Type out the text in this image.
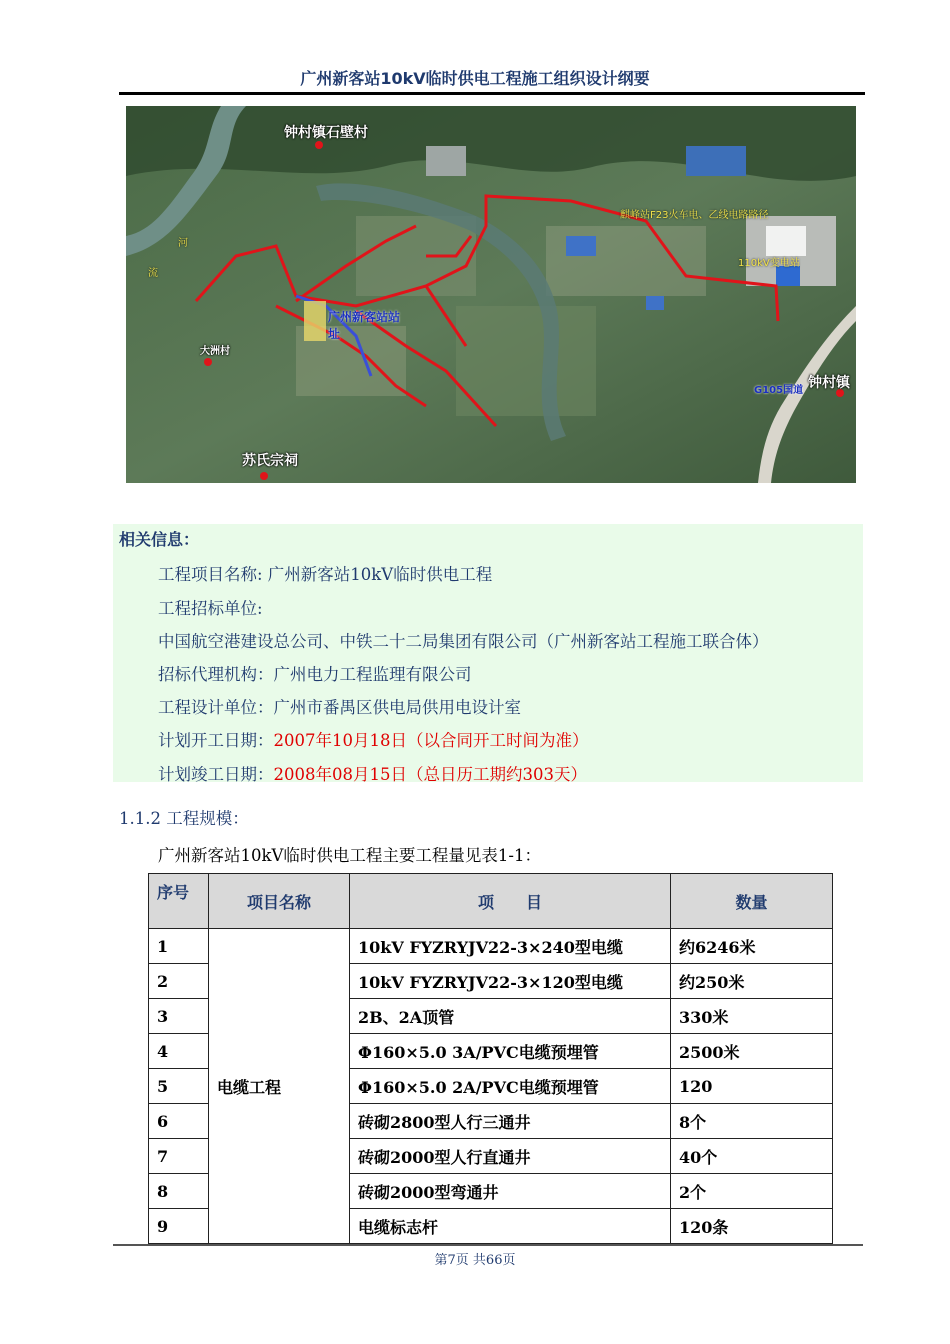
广州新客站10kV临时供电工程施工组织设计纲要
钟村镇石壁村
钟村镇
大洲村
苏氏宗祠
广州新客站站址
110kV变电站
麒峰站F23火车电、乙线电路路径
G105国道
河
流
相关信息：
工程项目名称: 广州新客站10kV临时供电工程
工程招标单位:
中国航空港建设总公司、中铁二十二局集团有限公司（广州新客站工程施工联合体）
招标代理机构：广州电力工程监理有限公司
工程设计单位：广州市番禺区供电局供用电设计室
计划开工日期：2007年10月18日（以合同开工时间为准）
计划竣工日期：2008年08月15日（总日历工期约303天）
1.1.2 工程规模：
广州新客站10kV临时供电工程主要工程量见表1-1：
序号	项目名称	项　　目	数量
1	电缆工程	10kV FYZRYJV22-3×240型电缆	约6246米
2		10kV FYZRYJV22-3×120型电缆	约250米
3		2B、2A顶管	330米
4		Φ160×5.0 3A/PVC电缆预埋管	2500米
5		Φ160×5.0 2A/PVC电缆预埋管	120
6		砖砌2800型人行三通井	8个
7		砖砌2000型人行直通井	40个
8		砖砌2000型弯通井	2个
9		电缆标志杆	120条
第7页 共66页
